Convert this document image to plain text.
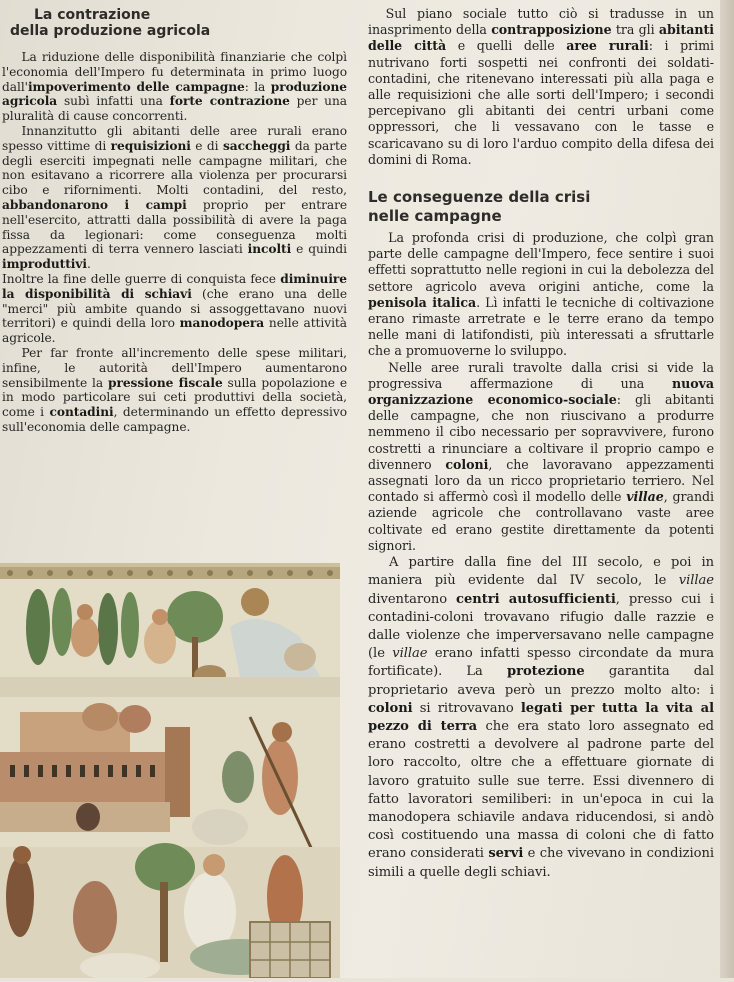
La contrazione
della produzione agricola

La riduzione delle disponibilità finanziarie che colpì l'economia dell'Impero fu determinata in primo luogo dall'impoverimento delle campagne: la produzione agricola subì infatti una forte contrazione per una pluralità di cause concorrenti.

Innanzitutto gli abitanti delle aree rurali erano spesso vittime di requisizioni e di saccheggi da parte degli eserciti impegnati nelle campagne militari, che non esitavano a ricorrere alla violenza per procurarsi cibo e rifornimenti. Molti contadini, del resto, abbandonarono i campi proprio per entrare nell'esercito, attratti dalla possibilità di avere la paga fissa da legionari: come conseguenza molti appezzamenti di terra vennero lasciati incolti e quindi improduttivi.

Inoltre la fine delle guerre di conquista fece diminuire la disponibilità di schiavi (che erano una delle "merci" più ambite quando si assoggettavano nuovi territori) e quindi della loro manodopera nelle attività agricole.

Per far fronte all'incremento delle spese militari, infine, le autorità dell'Impero aumentarono sensibilmente la pressione fiscale sulla popolazione e in modo particolare sui ceti produttivi della società, come i contadini, determinando un effetto depressivo sull'economia delle campagne.

Sul piano sociale tutto ciò si tradusse in un inasprimento della contrapposizione tra gli abitanti delle città e quelli delle aree rurali: i primi nutrivano forti sospetti nei confronti dei soldati-contadini, che ritenevano interessati più alla paga e alle requisizioni che alle sorti dell'Impero; i secondi percepivano gli abitanti dei centri urbani come oppressori, che li vessavano con le tasse e scaricavano su di loro l'arduo compito della difesa dei domini di Roma.

Le conseguenze della crisi
nelle campagne

La profonda crisi di produzione, che colpì gran parte delle campagne dell'Impero, fece sentire i suoi effetti soprattutto nelle regioni in cui la debolezza del settore agricolo aveva origini antiche, come la penisola italica. Lì infatti le tecniche di coltivazione erano rimaste arretrate e le terre erano da tempo nelle mani di latifondisti, più interessati a sfruttarle che a promuoverne lo sviluppo.

Nelle aree rurali travolte dalla crisi si vide la progressiva affermazione di una nuova organizzazione economico-sociale: gli abitanti delle campagne, che non riuscivano a produrre nemmeno il cibo necessario per sopravvivere, furono costretti a rinunciare a coltivare il proprio campo e divennero coloni, che lavoravano appezzamenti assegnati loro da un ricco proprietario terriero. Nel contado si affermò così il modello delle villae, grandi aziende agricole che controllavano vaste aree coltivate ed erano gestite direttamente da potenti signori.

A partire dalla fine del III secolo, e poi in maniera più evidente dal IV secolo, le villae diventarono centri autosufficienti, presso cui i contadini-coloni trovavano rifugio dalle razzie e dalle violenze che imperversavano nelle campagne (le villae erano infatti spesso circondate da mura fortificate). La protezione garantita dal proprietario aveva però un prezzo molto alto: i coloni si ritrovavano legati per tutta la vita al pezzo di terra che era stato loro assegnato ed erano costretti a devolvere al padrone parte del loro raccolto, oltre che a effettuare giornate di lavoro gratuito sulle sue terre. Essi divennero di fatto lavoratori semiliberi: in un'epoca in cui la manodopera schiavile andava riducendosi, si andò così costituendo una massa di coloni che di fatto erano considerati servi e che vivevano in condizioni simili a quelle degli schiavi.
